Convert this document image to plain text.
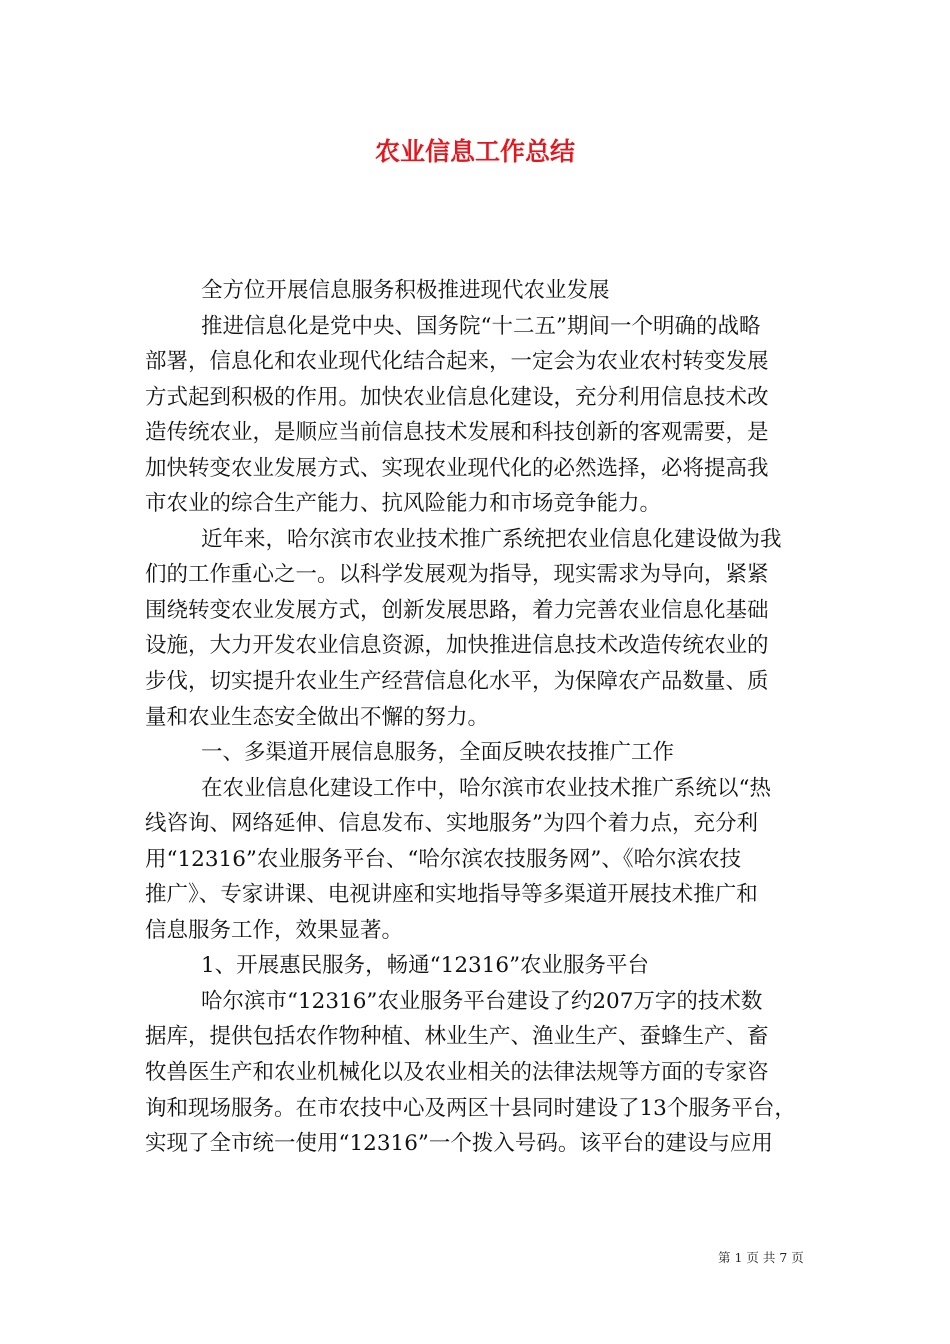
农业信息工作总结
全方位开展信息服务积极推进现代农业发展
推进信息化是党中央、国务院“十二五”期间一个明确的战略
部署，信息化和农业现代化结合起来，一定会为农业农村转变发展
方式起到积极的作用。加快农业信息化建设，充分利用信息技术改
造传统农业，是顺应当前信息技术发展和科技创新的客观需要，是
加快转变农业发展方式、实现农业现代化的必然选择，必将提高我
市农业的综合生产能力、抗风险能力和市场竞争能力。
近年来，哈尔滨市农业技术推广系统把农业信息化建设做为我
们的工作重心之一。以科学发展观为指导，现实需求为导向，紧紧
围绕转变农业发展方式，创新发展思路，着力完善农业信息化基础
设施，大力开发农业信息资源，加快推进信息技术改造传统农业的
步伐，切实提升农业生产经营信息化水平，为保障农产品数量、质
量和农业生态安全做出不懈的努力。
一、多渠道开展信息服务，全面反映农技推广工作
在农业信息化建设工作中，哈尔滨市农业技术推广系统以“热
线咨询、网络延伸、信息发布、实地服务”为四个着力点，充分利
用“12316”农业服务平台、“哈尔滨农技服务网”、《哈尔滨农技
推广》、专家讲课、电视讲座和实地指导等多渠道开展技术推广和
信息服务工作，效果显著。
1、开展惠民服务，畅通“12316”农业服务平台
哈尔滨市“12316”农业服务平台建设了约207万字的技术数
据库，提供包括农作物种植、林业生产、渔业生产、蚕蜂生产、畜
牧兽医生产和农业机械化以及农业相关的法律法规等方面的专家咨
询和现场服务。在市农技中心及两区十县同时建设了13个服务平台，
实现了全市统一使用“12316”一个拨入号码。该平台的建设与应用
第 1 页 共 7 页
